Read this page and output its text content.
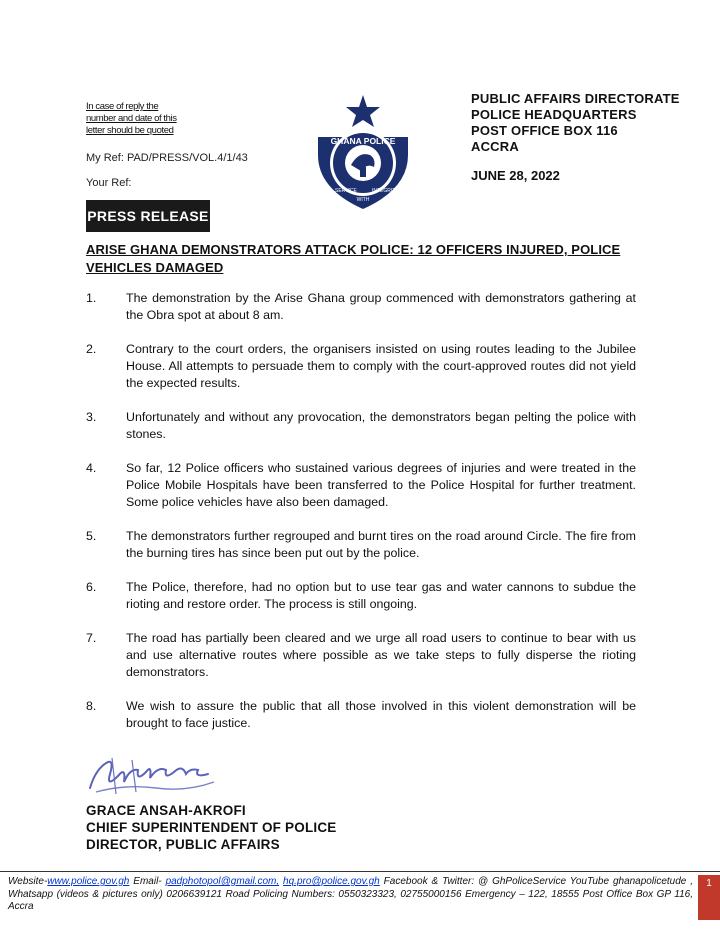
In case of reply the
number and date of this
letter should be quoted
My Ref: PAD/PRESS/VOL.4/1/43
Your Ref:
GHANA POLICE
SERVICE
WITH
INTEGRITY
PUBLIC AFFAIRS DIRECTORATE
POLICE HEADQUARTERS
POST OFFICE BOX 116
ACCRA
JUNE 28, 2022
PRESS RELEASE
ARISE GHANA DEMONSTRATORS ATTACK POLICE: 12 OFFICERS INJURED, POLICE VEHICLES DAMAGED
1.	The demonstration by the Arise Ghana group commenced with demonstrators gathering at the Obra spot at about 8 am.
2.	Contrary to the court orders, the organisers insisted on using routes leading to the Jubilee House. All attempts to persuade them to comply with the court-approved routes did not yield the expected results.
3.	Unfortunately and without any provocation, the demonstrators began pelting the police with stones.
4.	So far, 12 Police officers who sustained various degrees of injuries and were treated in the Police Mobile Hospitals have been transferred to the Police Hospital for further treatment. Some police vehicles have also been damaged.
5.	The demonstrators further regrouped and burnt tires on the road around Circle. The fire from the burning tires has since been put out by the police.
6.	The Police, therefore, had no option but to use tear gas and water cannons to subdue the rioting and restore order. The process is still ongoing.
7.	The road has partially been cleared and we urge all road users to continue to bear with us and use alternative routes where possible as we take steps to fully disperse the rioting demonstrators.
8.	We wish to assure the public that all those involved in this violent demonstration will be brought to face justice.
GRACE ANSAH-AKROFI
CHIEF SUPERINTENDENT OF POLICE
DIRECTOR, PUBLIC AFFAIRS
Website-www.police.gov.gh Email- padphotopol@gmail.com, hq.pro@police.gov.gh Facebook & Twitter: @ GhPoliceService YouTube ghanapolicetude , Whatsapp (videos & pictures only) 0206639121 Road Policing Numbers: 0550323323, 02755000156 Emergency – 122, 18555 Post Office Box GP 116, Accra
1
